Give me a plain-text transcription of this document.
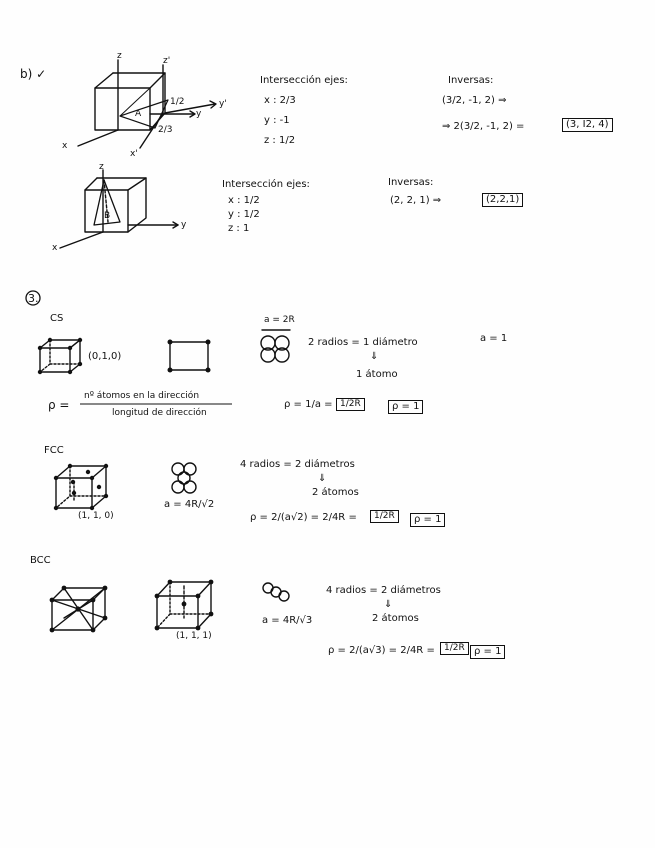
b) ✓
z	z'
y
y'
x
x'
1/2
2/3
A
z
y
x
B
Intersección ejes:
x : 2/3
y : -1
z : 1/2
Inversas:
(3/2, -1, 2) ⇒
⇒ 2(3/2, -1, 2) =	(3, Ī2, 4)
Intersección ejes:
x : 1/2
y : 1/2
z : 1
Inversas:
(2, 2, 1) ⇒	(2,2,1)
3.
CS
(0,1,0)
a = 2R
2 radios = 1 diámetro
⇓
1 átomo
a = 1
ρ =
nº átomos en la dirección
longitud de dirección
ρ = 1/a = 1/2R	ρ = 1
FCC
(1, 1, 0)
a = 4R/√2
4 radios = 2 diámetros
⇓
2 átomos
ρ = 2/(a√2) = 2/4R =	1/2R	ρ = 1
BCC
(1, 1, 1)
a = 4R/√3
4 radios = 2 diámetros
⇓
2 átomos
ρ = 2/(a√3) = 2/4R =	1/2R ρ = 1
